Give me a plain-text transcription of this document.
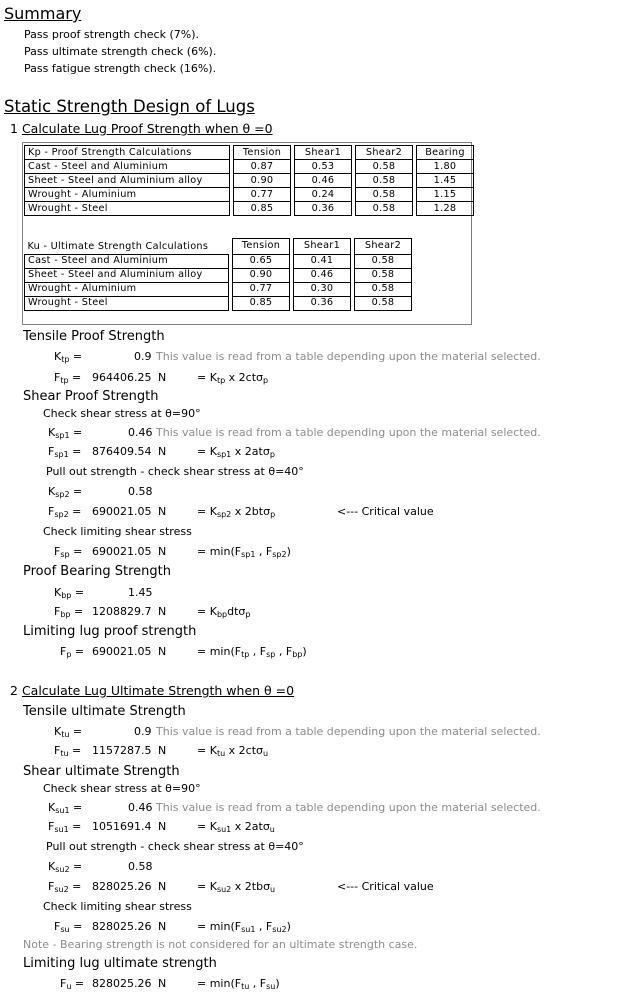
Summary
Pass proof strength check (7%).
Pass ultimate strength check (6%).
Pass fatigue strength check (16%).
Static Strength Design of Lugs
1 Calculate Lug Proof Strength when θ =0
Kp - Proof Strength Calculations		Tension		Shear1		Shear2		Bearing
Cast - Steel and Aluminium		0.87		0.53		0.58		1.80
Sheet - Steel and Aluminium alloy		0.90		0.46		0.58		1.45
Wrought - Aluminium		0.77		0.24		0.58		1.15
Wrought - Steel		0.85		0.36		0.58		1.28
Ku - Ultimate Strength Calculations		Tension		Shear1		Shear2
Cast - Steel and Aluminium		0.65		0.41		0.58
Sheet - Steel and Aluminium alloy		0.90		0.46		0.58
Wrought - Aluminium		0.77		0.30		0.58
Wrought - Steel		0.85		0.36		0.58
Tensile Proof Strength
$K_{tp}$ =	0.9 This value is read from a table depending upon the material selected.
$F_{tp} = 964406.25$ N	= $K_{tp}$ x 2ctσ$_p$
Shear Proof Strength
Check shear stress at θ=90°
$K_{sp1}$ =	0.46 This value is read from a table depending upon the material selected.
$F_{sp1} = 876409.54$ N	= $K_{sp1}$ x 2atσ$_p$
Pull out strength - check shear stress at θ=40°
$K_{sp2}$ =	0.58
$F_{sp2} = 690021.05$ N	= $K_{sp2}$ x 2btσ$_p$	<--- Critical value
Check limiting shear stress
$F_{sp} = 690021.05$ N	= $\min(F_{sp1}$ , $F_{sp2}$)
Proof Bearing Strength
$K_{bp}$ =	1.45
$F_{bp} = 1208829.7$ N	= $K_{bp}dt\sigma_p$
Limiting lug proof strength
$F_p = 690021.05$ N	= $\min(F_{tp}$ , $F_{sp}$ , $F_{bp}$)
2 Calculate Lug Ultimate Strength when θ =0
Tensile ultimate Strength
$K_{tu}$ =	0.9 This value is read from a table depending upon the material selected.
$F_{tu} = 1157287.5$ N	= $K_{tu}$ x 2ctσ$_u$
Shear ultimate Strength
Check shear stress at θ=90°
$K_{su1}$ =	0.46 This value is read from a table depending upon the material selected.
$F_{su1} = 1051691.4$ N	= $K_{su1}$ x 2atσ$_u$
Pull out strength - check shear stress at θ=40°
$K_{su2}$ =	0.58
$F_{su2} = 828025.26$ N	= $K_{su2}$ x 2tbσ$_u$	<--- Critical value
Check limiting shear stress
$F_{su} = 828025.26$ N	= $\min(F_{su1}$ , $F_{su2}$)
Note - Bearing strength is not considered for an ultimate strength case.
Limiting lug ultimate strength
$F_u = 828025.26$ N	= $\min(F_{tu}$ , $F_{su}$)
